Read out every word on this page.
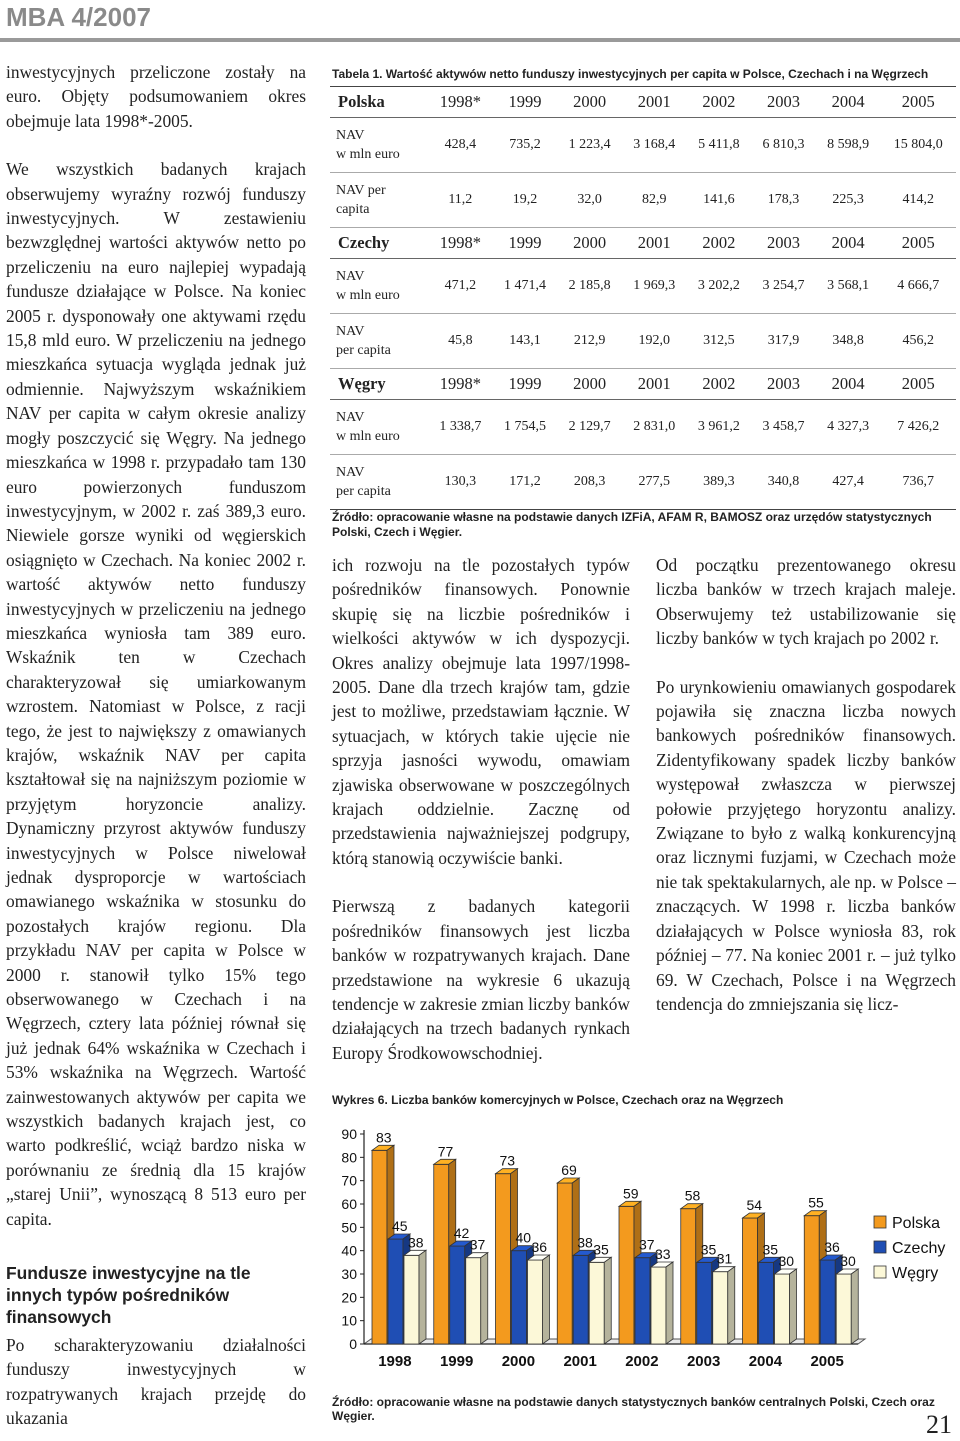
MBA 4/2007

inwestycyjnych przeliczone zostały na euro. Objęty podsumowaniem okres obejmuje lata 1998*-2005.

We wszystkich badanych krajach obserwujemy wyraźny rozwój funduszy inwestycyjnych. W zestawieniu bezwzględnej wartości aktywów netto po przeliczeniu na euro najlepiej wypadają fundusze działające w Polsce. Na koniec 2005 r. dysponowały one aktywami rzędu 15,8 mld euro. W przeliczeniu na jednego mieszkańca sytuacja wygląda jednak już odmiennie. Najwyższym wskaźnikiem NAV per capita w całym okresie analizy mogły poszczycić się Węgry. Na jednego mieszkańca w 1998 r. przypadało tam 130 euro powierzonych funduszom inwestycyjnym, w 2002 r. zaś 389,3 euro. Niewiele gorsze wyniki od węgierskich osiągnięto w Czechach. Na koniec 2002 r. wartość aktywów netto funduszy inwestycyjnych w przeliczeniu na jednego mieszkańca wyniosła tam 389 euro. Wskaźnik ten w Czechach charakteryzował się umiarkowanym wzrostem. Natomiast w Polsce, z racji tego, że jest to największy z omawianych krajów, wskaźnik NAV per capita kształtował się na najniższym poziomie w przyjętym horyzoncie analizy. Dynamiczny przyrost aktywów funduszy inwestycyjnych w Polsce niwelował jednak dysproporcje w wartościach omawianego wskaźnika w stosunku do pozostałych krajów regionu. Dla przykładu NAV per capita w Polsce w 2000 r. stanowił tylko 15% tego obserwowanego w Czechach i na Węgrzech, cztery lata później równał się już jednak 64% wskaźnika w Czechach i 53% wskaźnika na Węgrzech. Wartość zainwestowanych aktywów per capita we wszystkich badanych krajach jest, co warto podkreślić, wciąż bardzo niska w porównaniu ze średnią dla 15 krajów „starej Unii”, wynoszącą 8 513 euro per capita.

Fundusze inwestycyjne na tle innych typów pośredników finansowych
Po scharakteryzowaniu działalności funduszy inwestycyjnych w rozpatrywanych krajach przejdę do ukazania
Tabela 1. Wartość aktywów netto funduszy inwestycyjnych per capita w Polsce, Czechach i na Węgrzech
Polska	1998*	1999	2000	2001	2002	2003	2004	2005
NAV
w mln euro	428,4	735,2	1 223,4	3 168,4	5 411,8	6 810,3	8 598,9	15 804,0
NAV per
capita	11,2	19,2	32,0	82,9	141,6	178,3	225,3	414,2
Czechy	1998*	1999	2000	2001	2002	2003	2004	2005
NAV
w mln euro	471,2	1 471,4	2 185,8	1 969,3	3 202,2	3 254,7	3 568,1	4 666,7
NAV
per capita	45,8	143,1	212,9	192,0	312,5	317,9	348,8	456,2
Węgry	1998*	1999	2000	2001	2002	2003	2004	2005
NAV
w mln euro	1 338,7	1 754,5	2 129,7	2 831,0	3 961,2	3 458,7	4 327,3	7 426,2
NAV
per capita	130,3	171,2	208,3	277,5	389,3	340,8	427,4	736,7
Źródło: opracowanie własne na podstawie danych IZFiA, AFAM R, BAMOSZ oraz urzędów statystycznych Polski, Czech i Węgier.

ich rozwoju na tle pozostałych typów pośredników finansowych. Ponownie skupię się na liczbie pośredników i wielkości aktywów w ich dyspozycji. Okres analizy obejmuje lata 1997/1998-2005. Dane dla trzech krajów tam, gdzie jest to możliwe, przedstawiam łącznie. W sytuacjach, w których takie ujęcie nie sprzyja jasności wywodu, omawiam zjawiska obserwowane w poszczególnych krajach oddzielnie. Zacznę od przedstawienia najważniejszej podgrupy, którą stanowią oczywiście banki.

Pierwszą z badanych kategorii pośredników finansowych jest liczba banków w rozpatrywanych krajach. Dane przedstawione na wykresie 6 ukazują tendencje w zakresie zmian liczby banków działających na trzech badanych rynkach Europy Środkowowschodniej.

Od początku prezentowanego okresu liczba banków w trzech krajach maleje. Obserwujemy też ustabilizowanie się liczby banków w tych krajach po 2002 r.

Po urynkowieniu omawianych gospodarek pojawiła się znaczna liczba nowych bankowych pośredników finansowych. Zidentyfikowany spadek liczby banków występował zwłaszcza w pierwszej połowie przyjętego horyzontu analizy. Związane to było z walką konkurencyjną oraz licznymi fuzjami, w Czechach może nie tak spektakularnych, ale np. w Polsce – znaczących. W 1998 r. liczba banków działających w Polsce wyniosła 83, rok później – 77. Na koniec 2001 r. – już tylko 69. W Czechach, Polsce i na Węgrzech tendencja do zmniejszania się licz-

Wykres 6. Liczba banków komercyjnych w Polsce, Czechach oraz na Węgrzech
0
10
20
30
40
50
60
70
80
90 83
45
38
1998
77
42
37
1999
73
40
36
2000
69
38 35
2001
59
37
33
2002
58
35
31
2003
54
35
30
2004
55
36
30
2005
Polska
Czechy
Węgry
Źródło: opracowanie własne na podstawie danych statystycznych banków centralnych Polski, Czech oraz Węgier.	21
